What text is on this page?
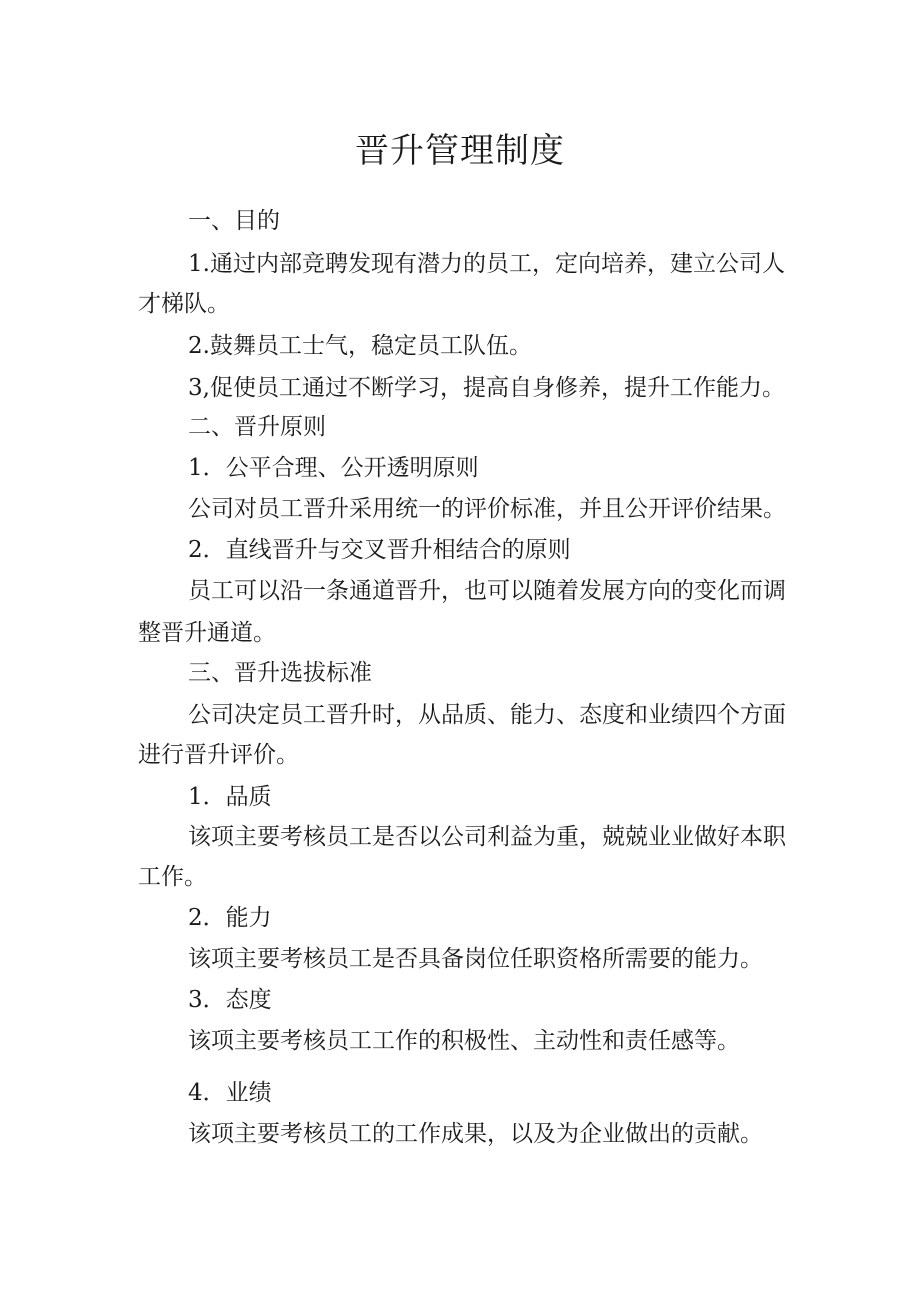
晋升管理制度
一、目的
1.通过内部竞聘发现有潜力的员工，定向培养，建立公司人
才梯队。
2.鼓舞员工士气，稳定员工队伍。
3,促使员工通过不断学习，提高自身修养，提升工作能力。
二、晋升原则
1．公平合理、公开透明原则
公司对员工晋升采用统一的评价标准，并且公开评价结果。
2．直线晋升与交叉晋升相结合的原则
员工可以沿一条通道晋升，也可以随着发展方向的变化而调
整晋升通道。
三、晋升选拔标准
公司决定员工晋升时，从品质、能力、态度和业绩四个方面
进行晋升评价。
1．品质
该项主要考核员工是否以公司利益为重，兢兢业业做好本职
工作。
2．能力
该项主要考核员工是否具备岗位任职资格所需要的能力。
3．态度
该项主要考核员工工作的积极性、主动性和责任感等。
4．业绩
该项主要考核员工的工作成果，以及为企业做出的贡献。
